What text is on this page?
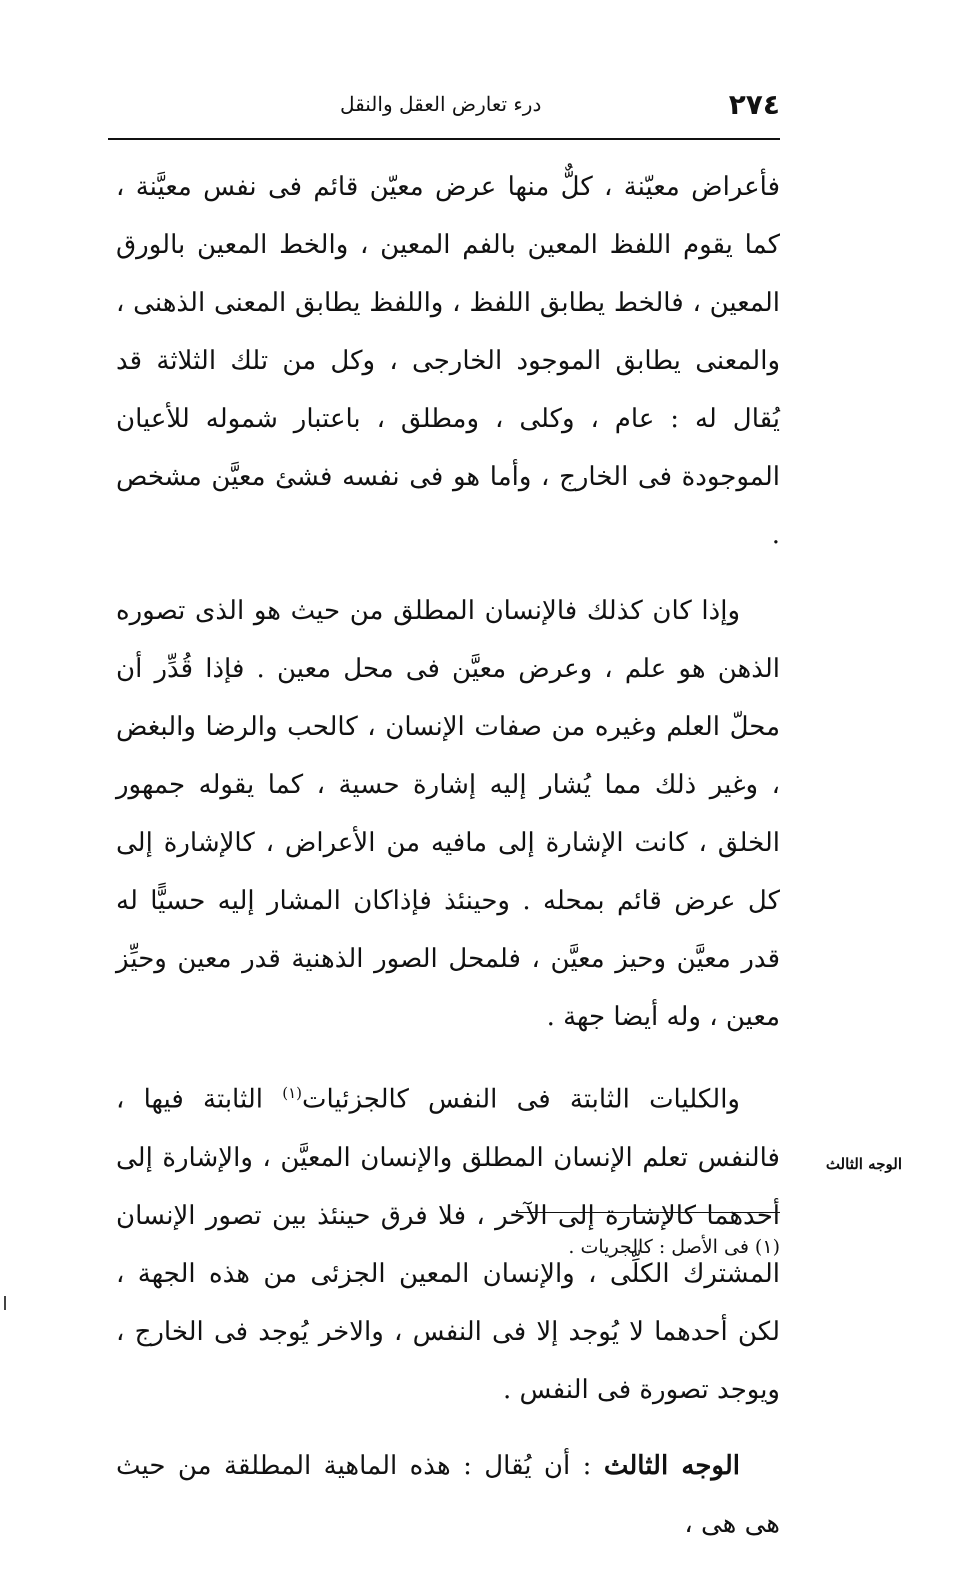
٢٧٤
درء تعارض العقل والنقل

فأعراض معيّنة ، كلٌّ منها عرض معيّن قائم فى نفس معيَّنة ، كما يقوم اللفظ المعين بالفم المعين ، والخط المعين بالورق المعين ، فالخط يطابق اللفظ ، واللفظ يطابق المعنى الذهنى ، والمعنى يطابق الموجود الخارجى ، وكل من تلك الثلاثة قد يُقال له : عام ، وكلى ، ومطلق ، باعتبار شموله للأعيان الموجودة فى الخارج ، وأما هو فى نفسه فشئ معيَّن مشخص .

وإذا كان كذلك فالإنسان المطلق من حيث هو الذى تصوره الذهن هو علم ، وعرض معيَّن فى محل معين . فإذا قُدِّر أن محلّ العلم وغيره من صفات الإنسان ، كالحب والرضا والبغض ، وغير ذلك مما يُشار إليه إشارة حسية ، كما يقوله جمهور الخلق ، كانت الإشارة إلى مافيه من الأعراض ، كالإشارة إلى كل عرض قائم بمحله . وحينئذ فإذاكان المشار إليه حسيًّا له قدر معيَّن وحيز معيَّن ، فلمحل الصور الذهنية قدر معين وحيِّز معين ، وله أيضا جهة .

والكليات الثابتة فى النفس كالجزئيات$^{(١)}$ الثابتة فيها ، فالنفس تعلم الإنسان المطلق والإنسان المعيَّن ، والإشارة إلى أحدهما كالإشارة إلى الآخر ، فلا فرق حينئذ بين تصور الإنسان المشترك الكلِّى ، والإنسان المعين الجزئى من هذه الجهة ، لكن أحدهما لا يُوجد إلا فى النفس ، والاخر يُوجد فى الخارج ، ويوجد تصورة فى النفس .

الوجه الثالث : أن يُقال : هذه الماهية المطلقة من حيث هى هى ،

الوجه الثالث
(١) فى الأصل : كالجريات .
